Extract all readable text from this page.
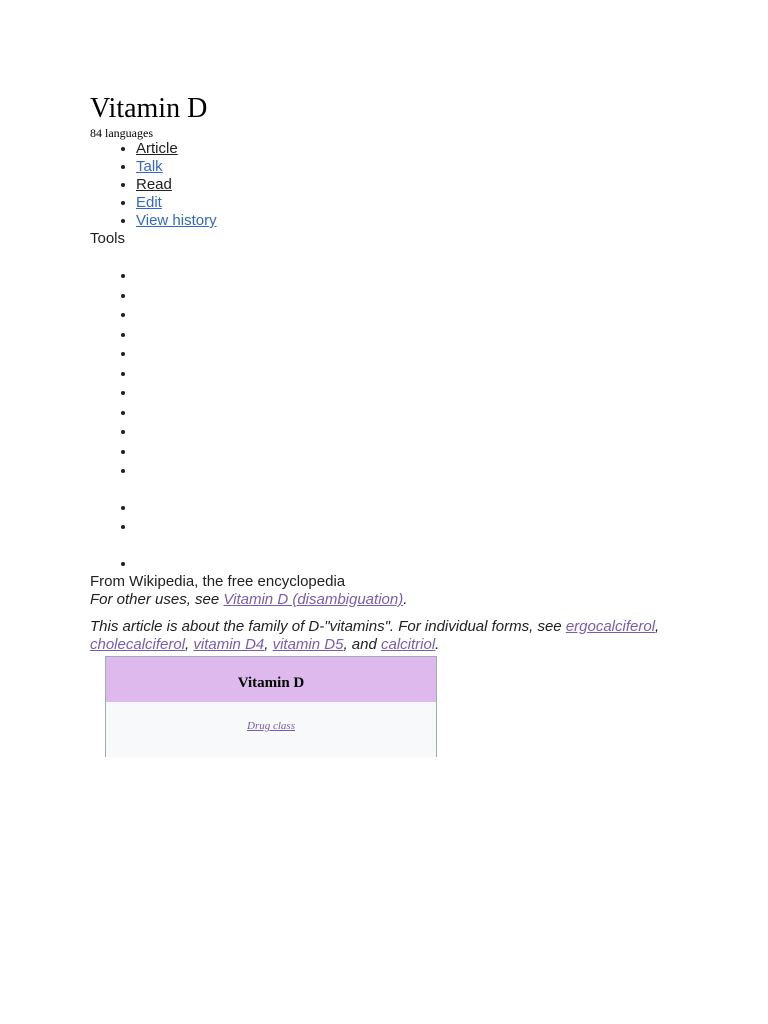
Vitamin D
84 languages
• Article
• Talk
• Read
• Edit
• View history
Tools
•
•
•
•
•
•
•
•
•
•
•
•
•
•
From Wikipedia, the free encyclopedia
For other uses, see Vitamin D (disambiguation).
This article is about the family of D-"vitamins". For individual forms, see ergocalciferol, cholecalciferol, vitamin D4, vitamin D5, and calcitriol.
Vitamin D
Drug class
